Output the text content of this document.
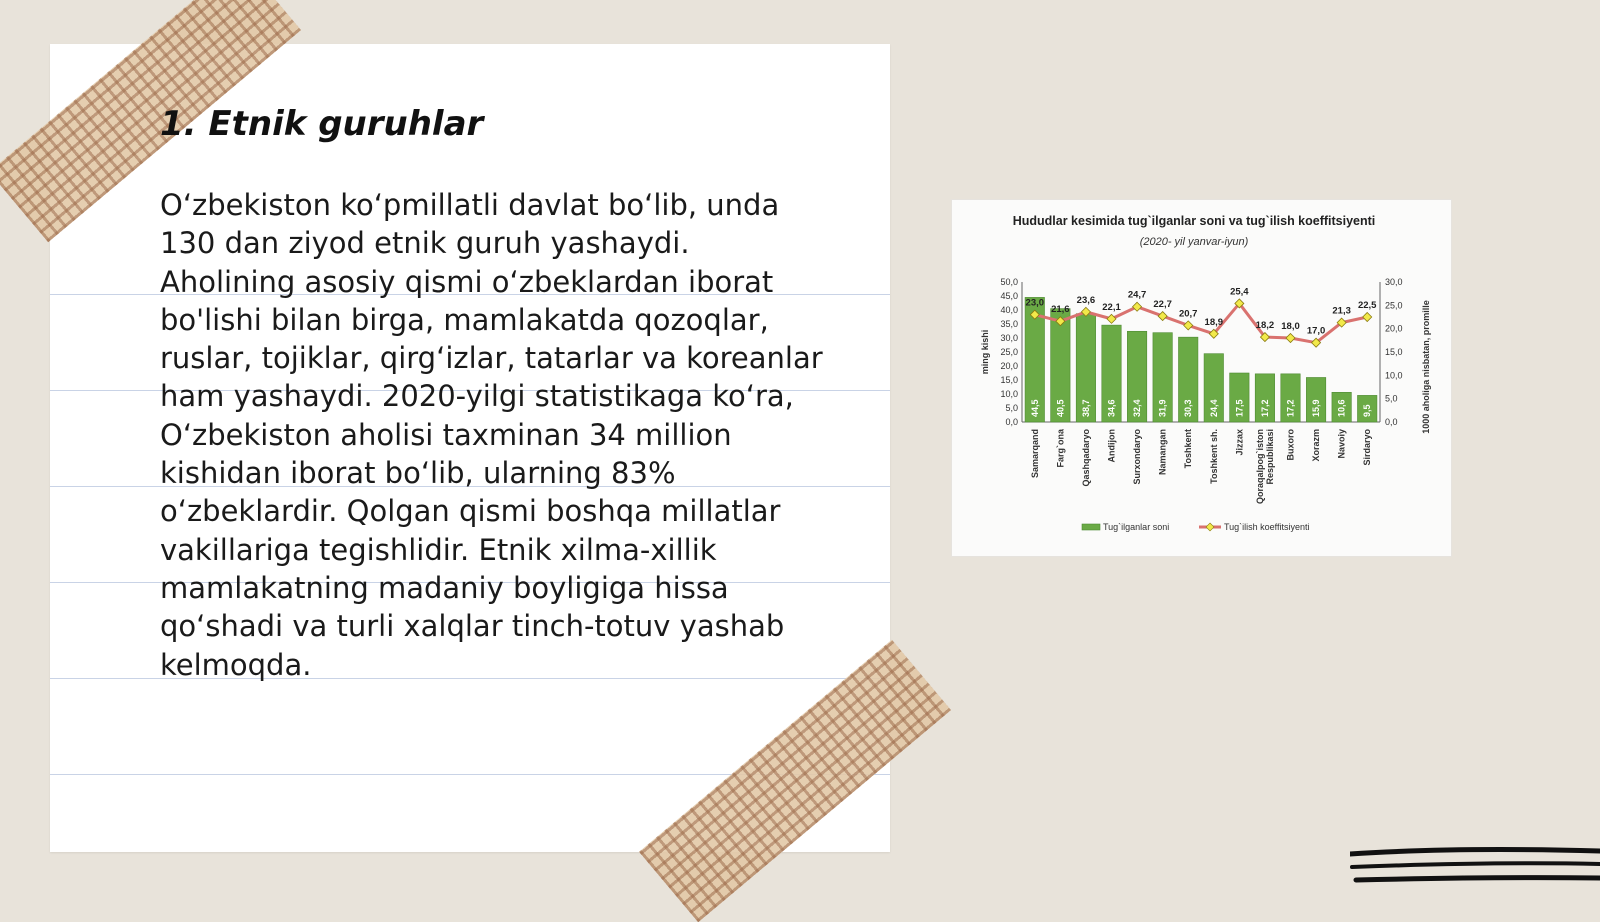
1. Etnik guruhlar

O‘zbekiston ko‘pmillatli davlat bo‘lib, unda 130 dan ziyod etnik guruh yashaydi. Aholining asosiy qismi o‘zbeklardan iborat bo'lishi bilan birga, mamlakatda qozoqlar, ruslar, tojiklar, qirg‘izlar, tatarlar va koreanlar ham yashaydi. 2020-yilgi statistikaga ko‘ra, O‘zbekiston aholisi taxminan 34 million kishidan iborat bo‘lib, ularning 83% o‘zbeklardir. Qolgan qismi boshqa millatlar vakillariga tegishlidir. Etnik xilma-xillik mamlakatning madaniy boyligiga hissa qo‘shadi va turli xalqlar tinch-totuv yashab kelmoqda.

Hududlar kesimida tug`ilganlar soni va tug`ilish koeffitsiyenti
(2020- yil yanvar-iyun)
0,0
5,0
10,0
15,0
20,0
25,0
30,0
35,0
40,0
45,0
50,0
0,0
5,0
10,0
15,0
20,0
25,0
30,0
ming kishi	1000 aholiga nisbatan, promille
44,5
Samarqand
40,5
Farg`ona
38,7
Qashqadaryo
34,6
Andijon
32,4
Surxondaryo
31,9
Namangan
30,3
Toshkent
24,4
Toshkent sh.
17,5
Jizzax
17,2
Qoraqalpog`iston Respublikasi
17,2
Buxoro
15,9
Xorazm
10,6
Navoiy
9,5
Sirdaryo
23,0
21,6
23,6
22,1
24,7
22,7
20,7
18,9
25,4
18,2 18,0 17,0
21,3
22,5
Tug`ilganlar soni	Tug`ilish koeffitsiyenti
